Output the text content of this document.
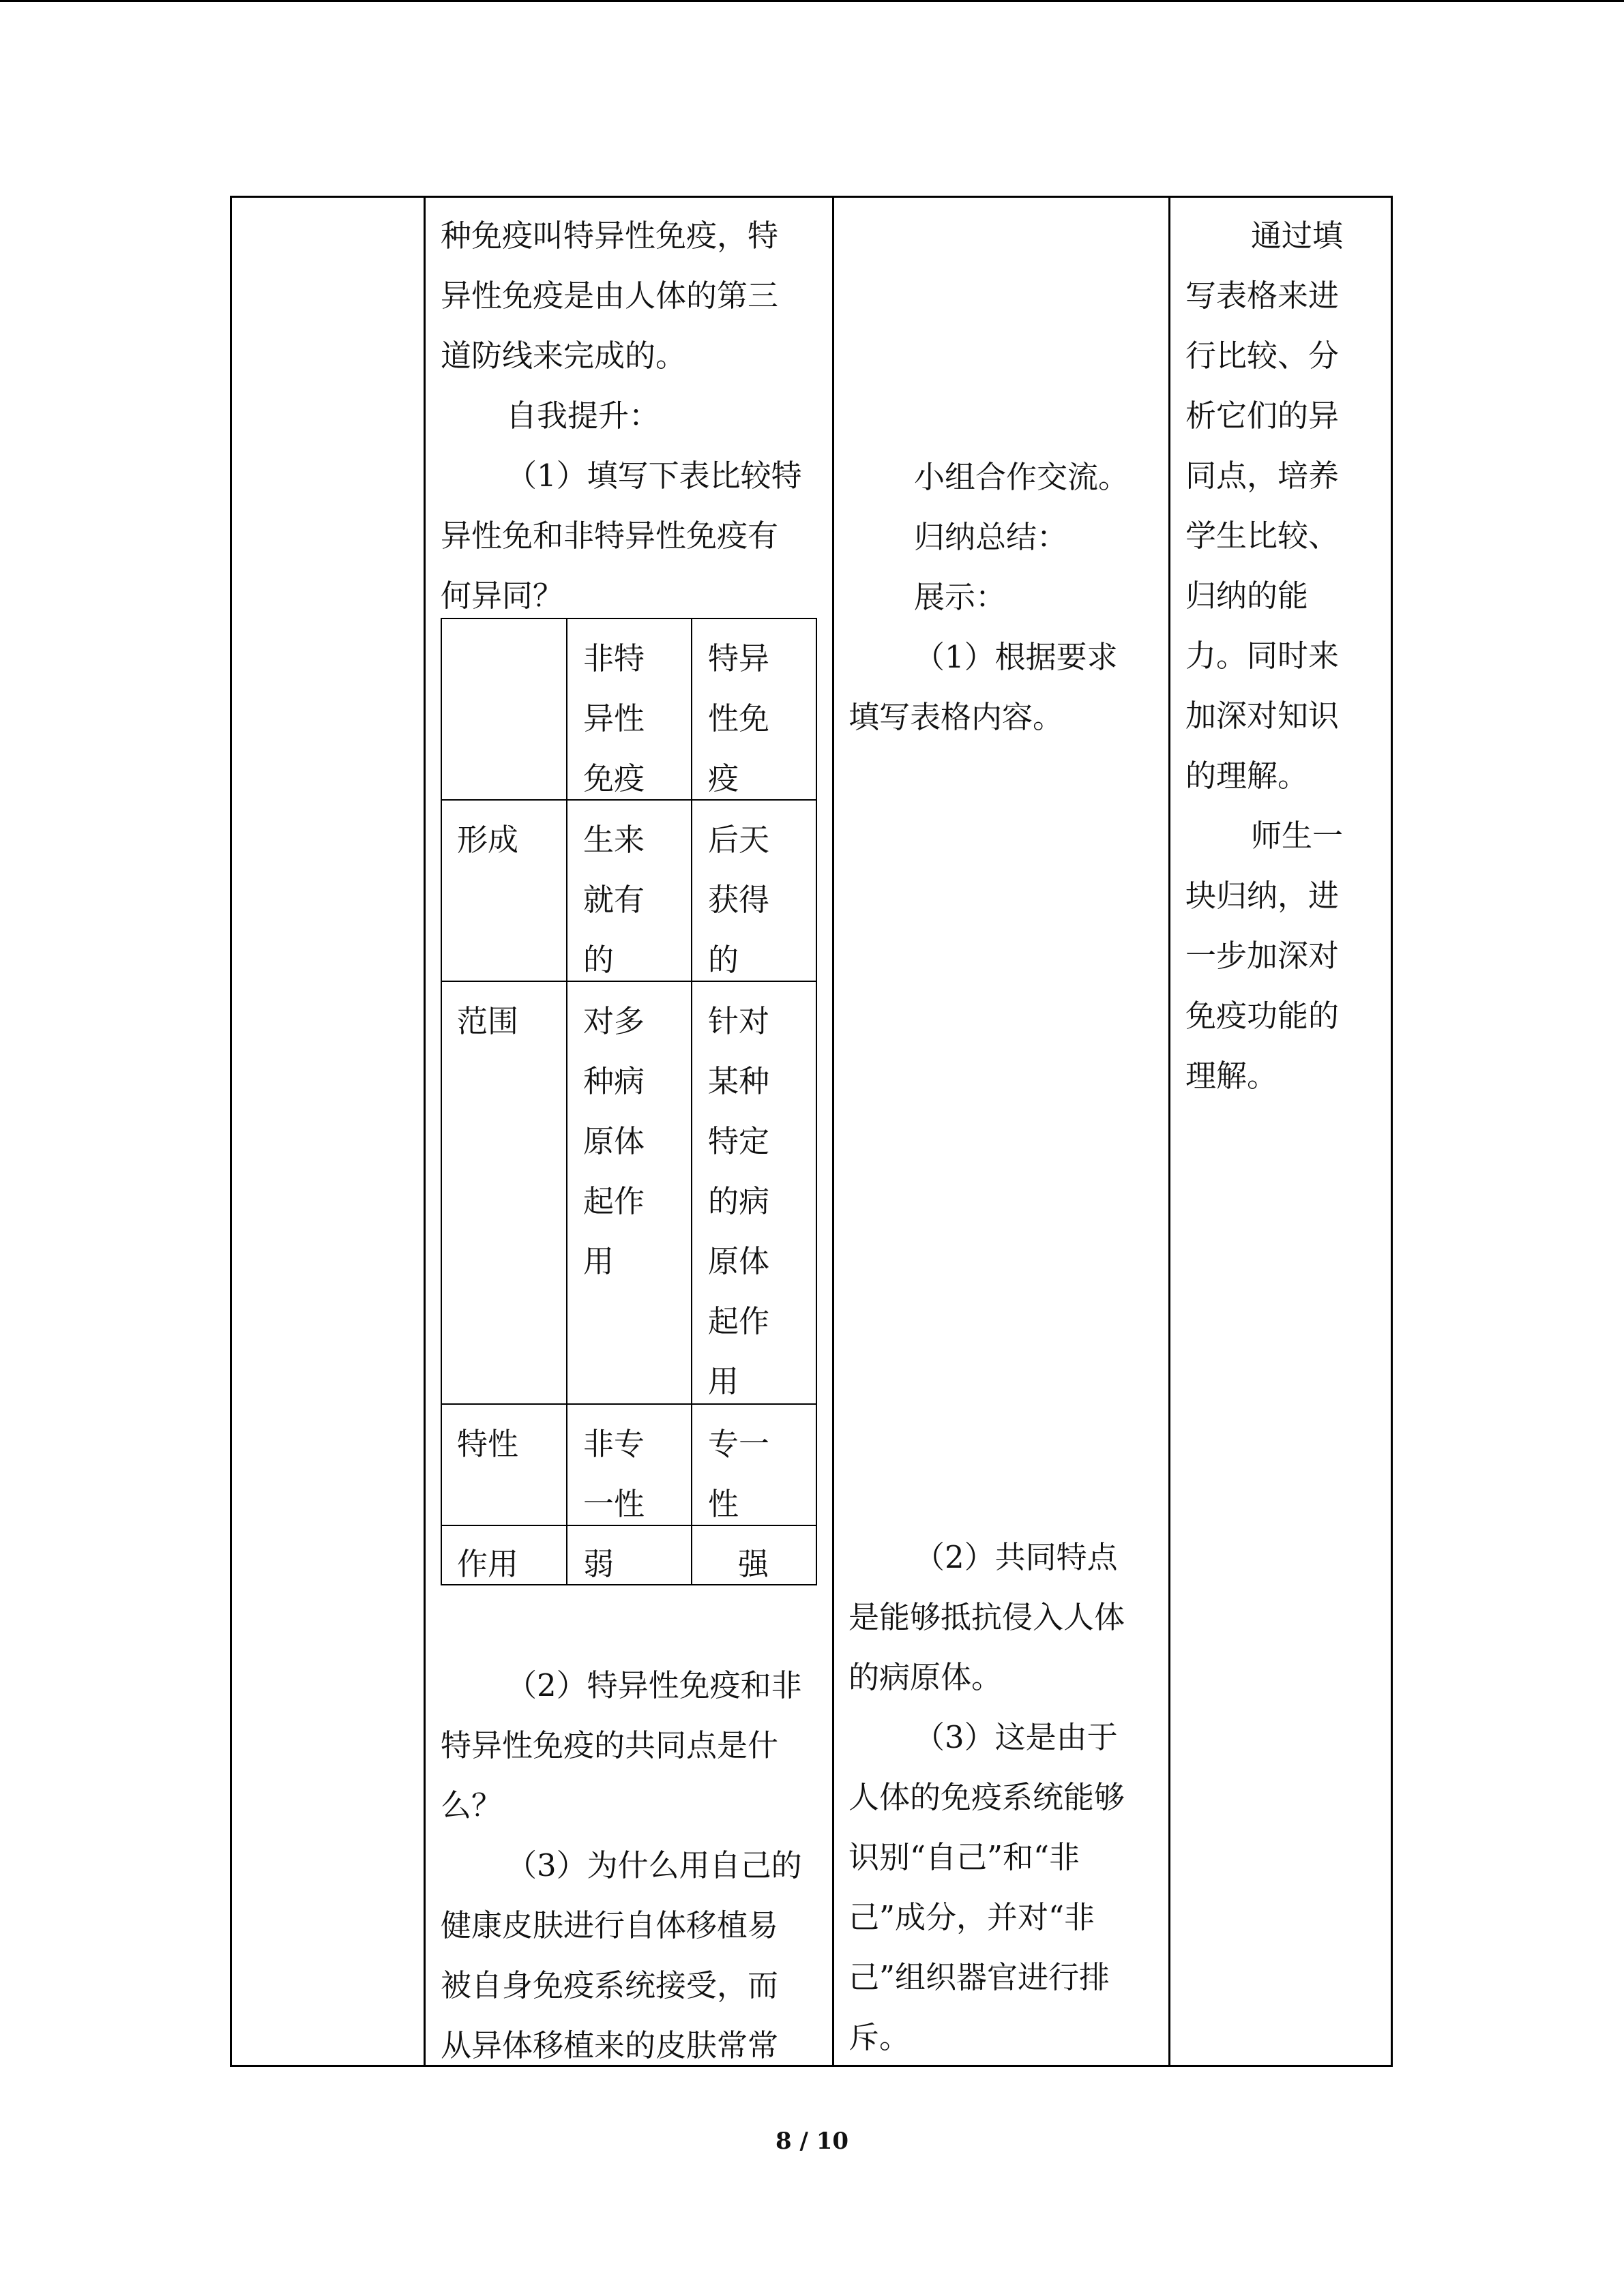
种免疫叫特异性免疫，特

异性免疫是由人体的第三

道防线来完成的。

自我提升：

（1）填写下表比较特

异性免和非特异性免疫有

何异同？

非特
异性
免疫
特异
性免
疫
形成 生来
就有
的
后天
获得
的
范围 对多
种病
原体
起作
用
针对
某种
特定
的病
原体
起作
用
特性 非专
一性
专一
性
作用 弱	强

（2）特异性免疫和非

特异性免疫的共同点是什

么？

（3）为什么用自己的

健康皮肤进行自体移植易

被自身免疫系统接受，而

从异体移植来的皮肤常常

小组合作交流。

归纳总结：

展示：

（1）根据要求

填写表格内容。

（2）共同特点

是能够抵抗侵入人体

的病原体。

（3）这是由于

人体的免疫系统能够

识别“自己”和“非

己”成分，并对“非

己”组织器官进行排

斥。

通过填

写表格来进

行比较、分

析它们的异

同点，培养

学生比较、

归纳的能

力。同时来

加深对知识

的理解。

师生一

块归纳，进

一步加深对

免疫功能的

理解。

8 / 10
